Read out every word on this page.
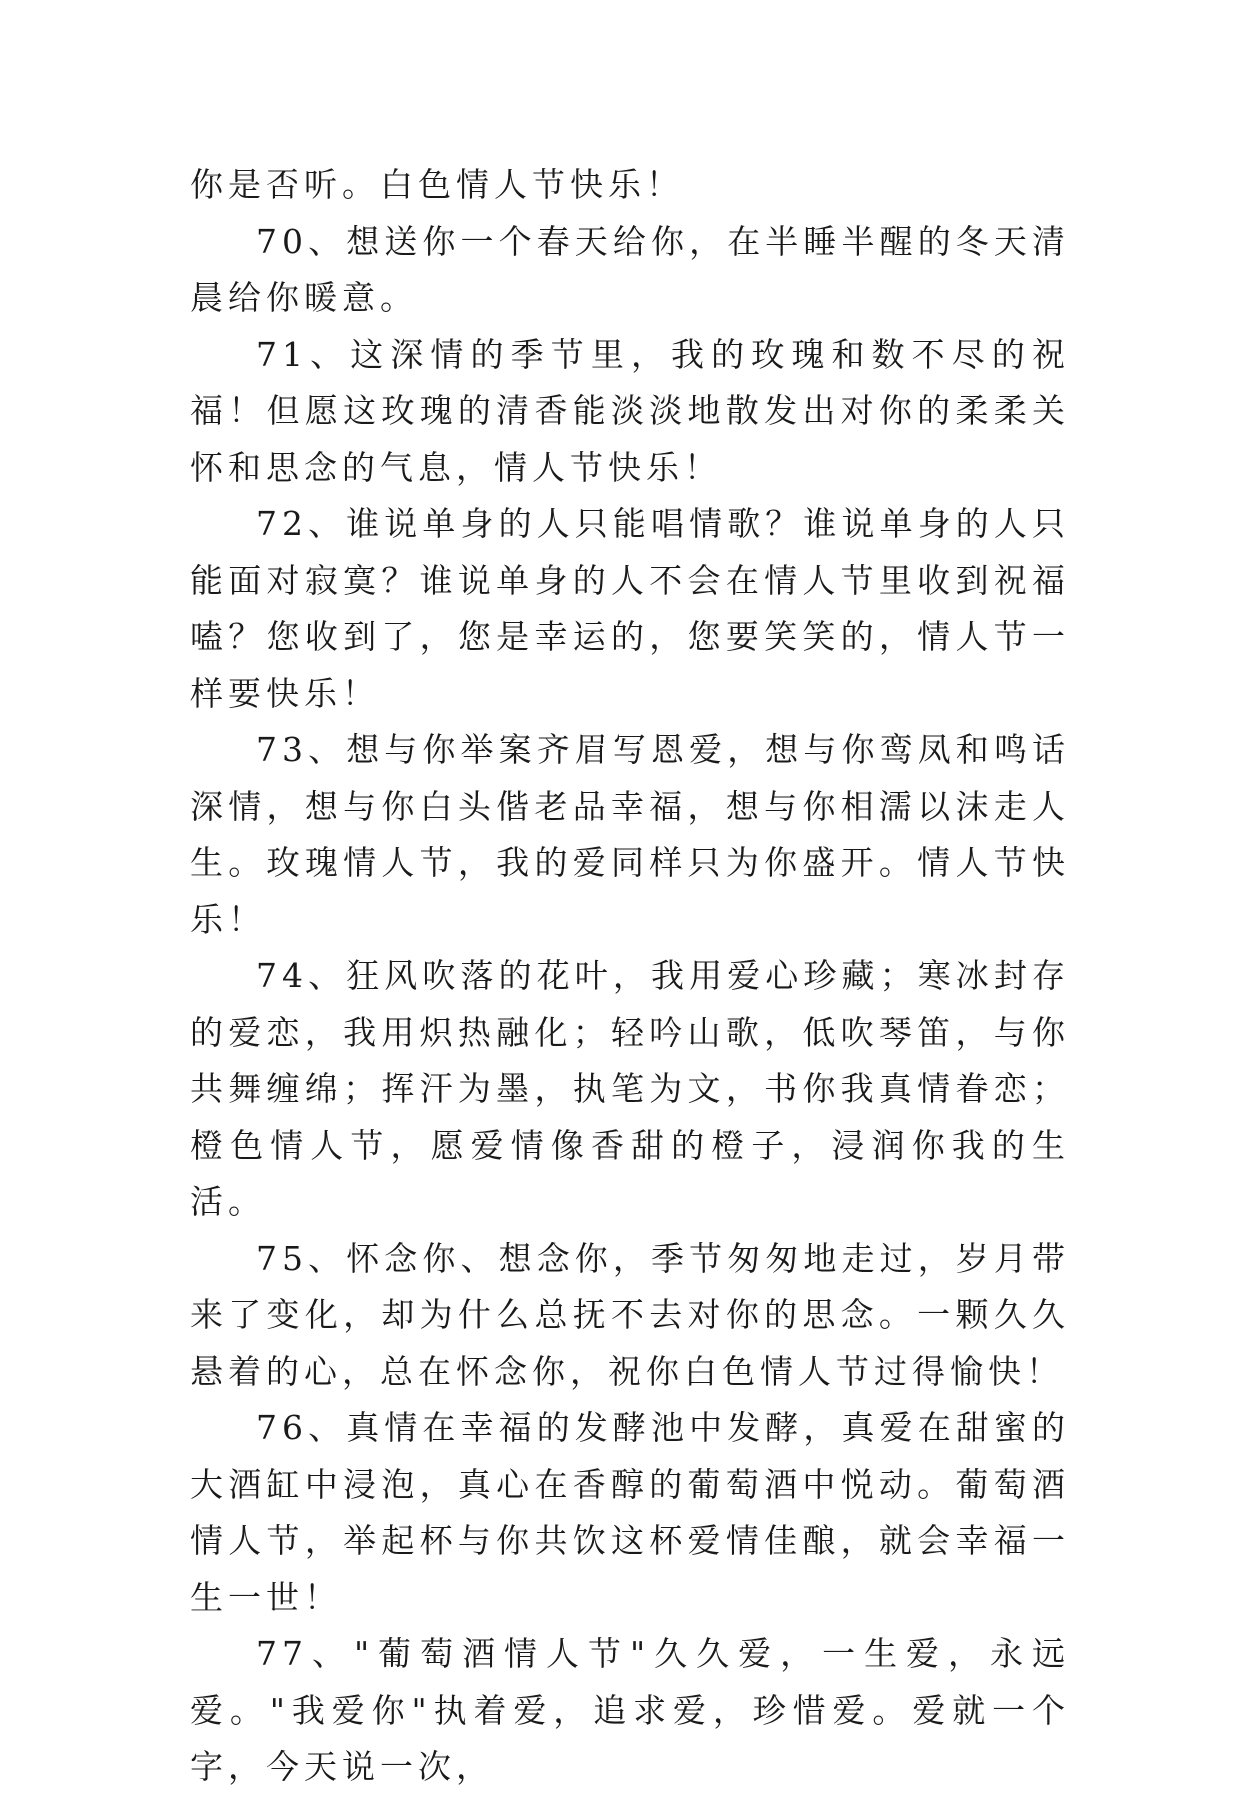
你是否听。白色情人节快乐！

70、想送你一个春天给你，在半睡半醒的冬天清晨给你暖意。

71、这深情的季节里，我的玫瑰和数不尽的祝福！但愿这玫瑰的清香能淡淡地散发出对你的柔柔关怀和思念的气息，情人节快乐！

72、谁说单身的人只能唱情歌？谁说单身的人只能面对寂寞？谁说单身的人不会在情人节里收到祝福嗑？您收到了，您是幸运的，您要笑笑的，情人节一样要快乐！

73、想与你举案齐眉写恩爱，想与你鸾凤和鸣话深情，想与你白头偕老品幸福，想与你相濡以沫走人生。玫瑰情人节，我的爱同样只为你盛开。情人节快乐！

74、狂风吹落的花叶，我用爱心珍藏；寒冰封存的爱恋，我用炽热融化；轻吟山歌，低吹琴笛，与你共舞缠绵；挥汗为墨，执笔为文，书你我真情眷恋；橙色情人节，愿爱情像香甜的橙子，浸润你我的生活。

75、怀念你、想念你，季节匆匆地走过，岁月带来了变化，却为什么总抚不去对你的思念。一颗久久悬着的心，总在怀念你，祝你白色情人节过得愉快！

76、真情在幸福的发酵池中发酵，真爱在甜蜜的大酒缸中浸泡，真心在香醇的葡萄酒中悦动。葡萄酒情人节，举起杯与你共饮这杯爱情佳酿，就会幸福一生一世！

77、"葡萄酒情人节"久久爱，一生爱，永远爱。"我爱你"执着爱，追求爱，珍惜爱。爱就一个字，今天说一次，
